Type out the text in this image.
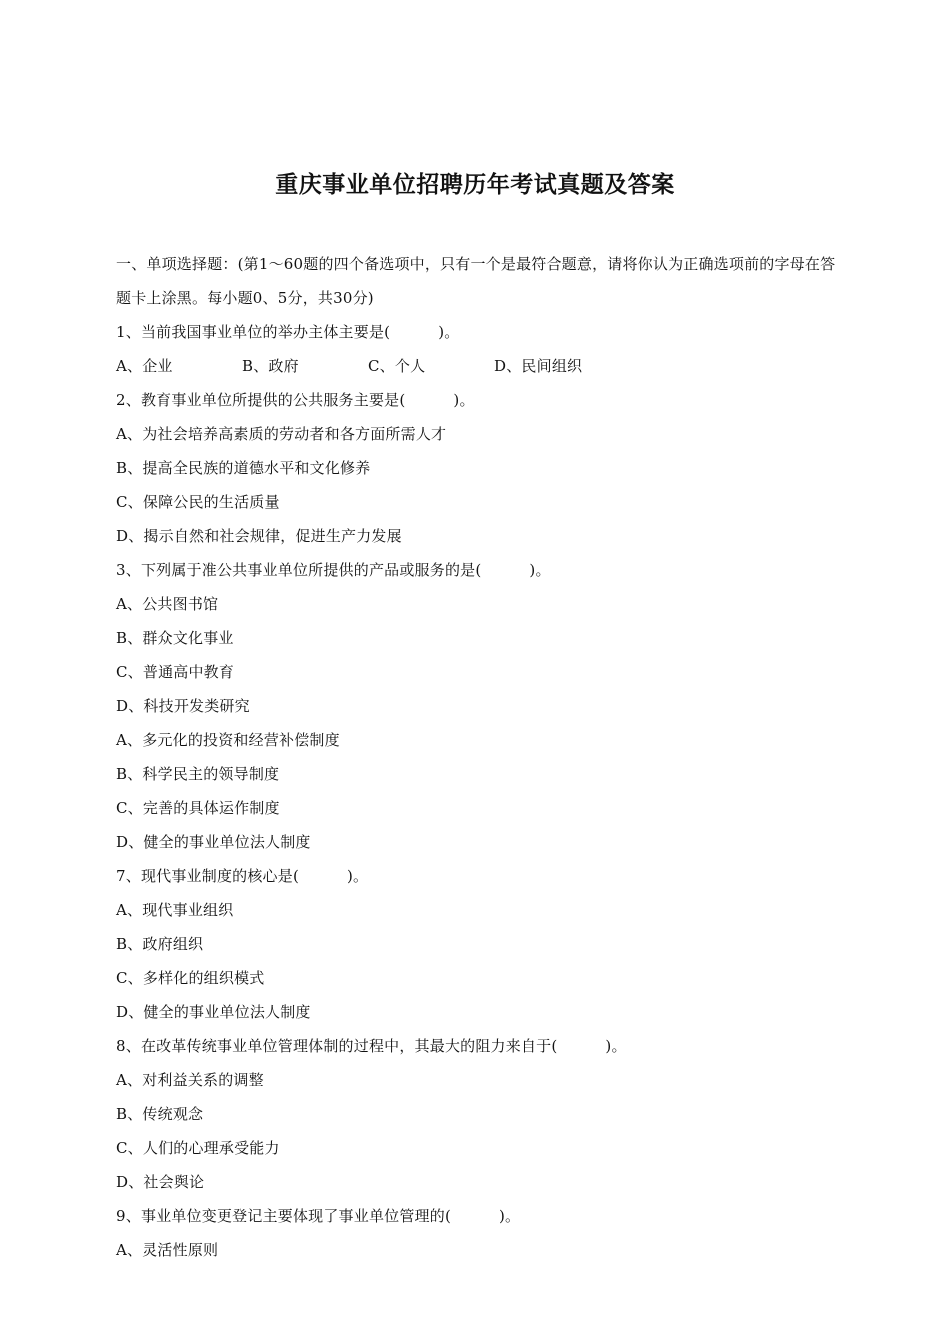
重庆事业单位招聘历年考试真题及答案

一、单项选择题：(第1～60题的四个备选项中，只有一个是最符合题意，请将你认为正确选项前的字母在答题卡上涂黑。每小题0、5分，共30分)

1、当前我国事业单位的举办主体主要是(	)。
A、企业	B、政府	C、个人	D、民间组织
2、教育事业单位所提供的公共服务主要是(	)。
A、为社会培养高素质的劳动者和各方面所需人才
B、提高全民族的道德水平和文化修养
C、保障公民的生活质量
D、揭示自然和社会规律，促进生产力发展
3、下列属于准公共事业单位所提供的产品或服务的是(	)。
A、公共图书馆
B、群众文化事业
C、普通高中教育
D、科技开发类研究
A、多元化的投资和经营补偿制度
B、科学民主的领导制度
C、完善的具体运作制度
D、健全的事业单位法人制度
7、现代事业制度的核心是(	)。
A、现代事业组织
B、政府组织
C、多样化的组织模式
D、健全的事业单位法人制度
8、在改革传统事业单位管理体制的过程中，其最大的阻力来自于(	)。
A、对利益关系的调整
B、传统观念
C、人们的心理承受能力
D、社会舆论
9、事业单位变更登记主要体现了事业单位管理的(	)。
A、灵活性原则
